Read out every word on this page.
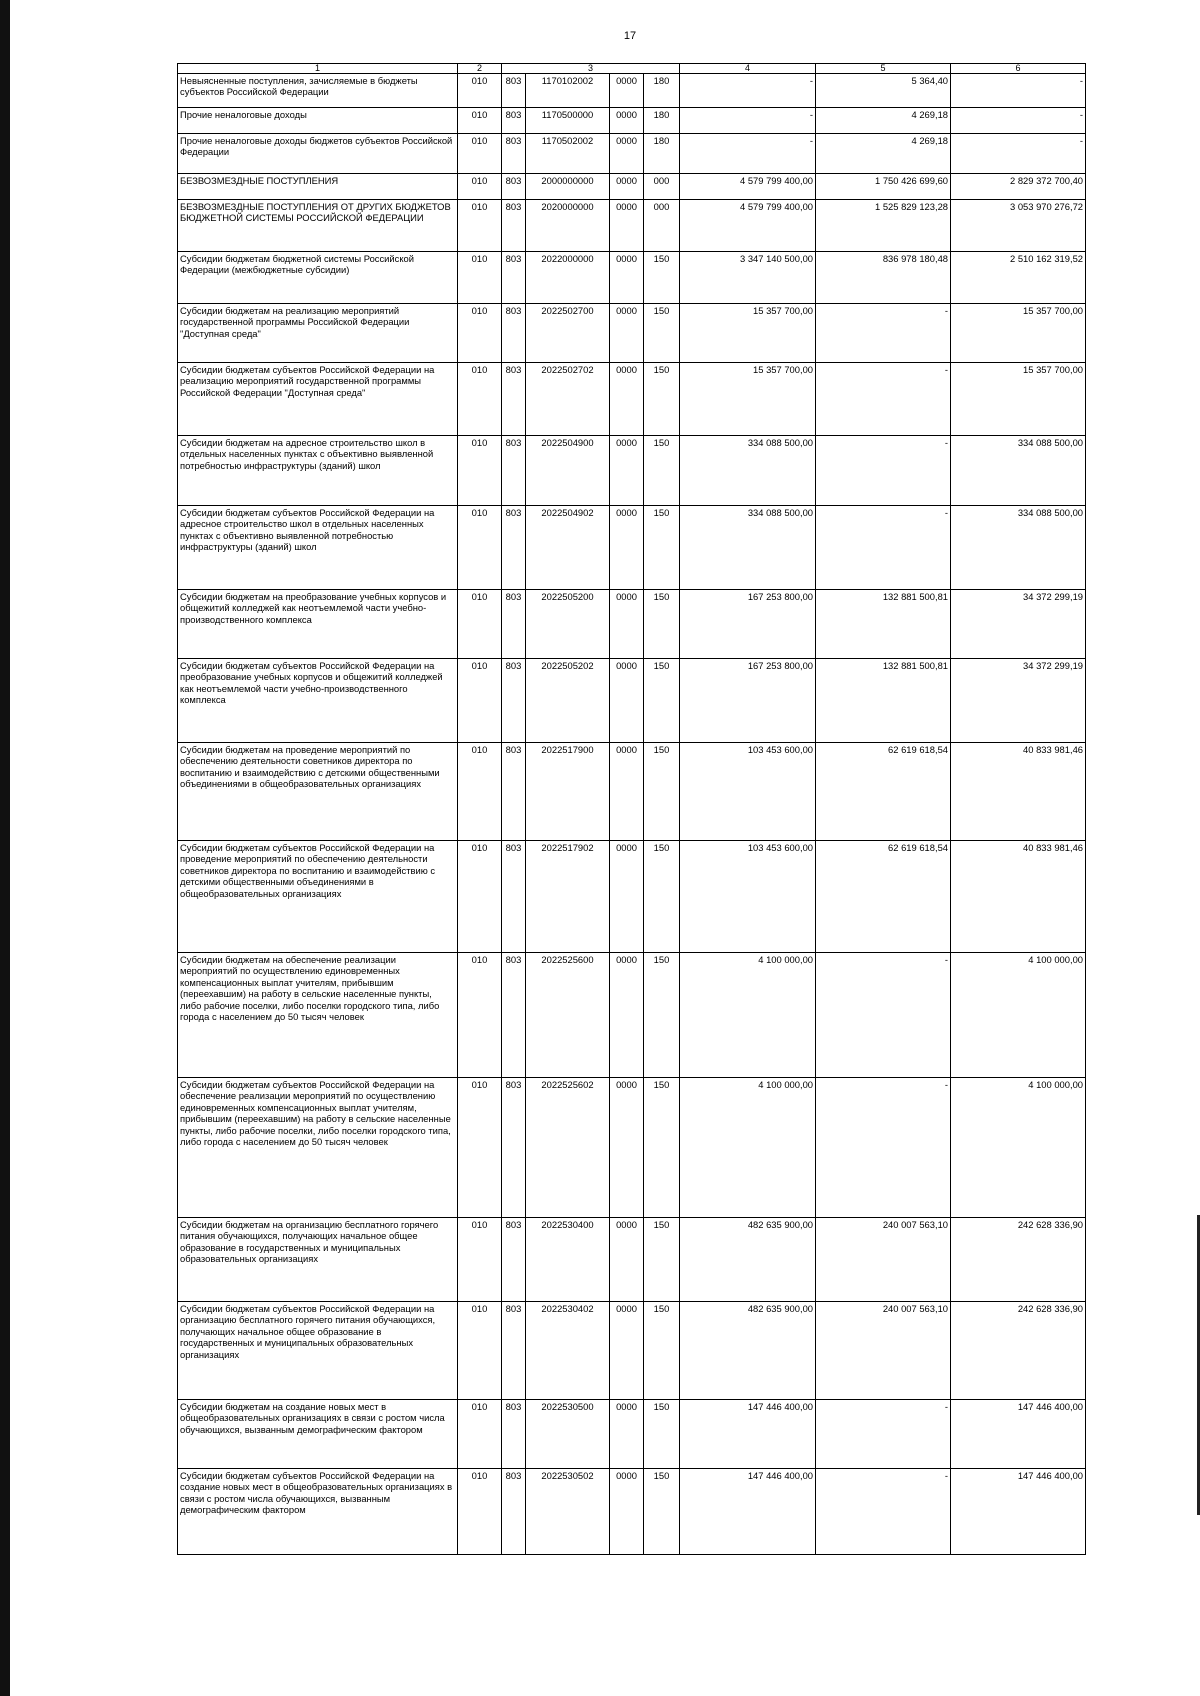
17
1	2	3				4	5	6
Невыясненные поступления, зачисляемые в бюджеты субъектов Российской Федерации	010	803	1170102002	0000	180	-	5 364,40	-
Прочие неналоговые доходы	010	803	1170500000	0000	180	-	4 269,18	-
Прочие неналоговые доходы бюджетов субъектов Российской Федерации	010	803	1170502002	0000	180	-	4 269,18	-
БЕЗВОЗМЕЗДНЫЕ ПОСТУПЛЕНИЯ	010	803	2000000000	0000	000	4 579 799 400,00	1 750 426 699,60	2 829 372 700,40
БЕЗВОЗМЕЗДНЫЕ ПОСТУПЛЕНИЯ ОТ ДРУГИХ БЮДЖЕТОВ БЮДЖЕТНОЙ СИСТЕМЫ РОССИЙСКОЙ ФЕДЕРАЦИИ	010	803	2020000000	0000	000	4 579 799 400,00	1 525 829 123,28	3 053 970 276,72
Субсидии бюджетам бюджетной системы Российской Федерации (межбюджетные субсидии)	010	803	2022000000	0000	150	3 347 140 500,00	836 978 180,48	2 510 162 319,52
Субсидии бюджетам на реализацию мероприятий государственной программы Российской Федерации "Доступная среда"	010	803	2022502700	0000	150	15 357 700,00	-	15 357 700,00
Субсидии бюджетам субъектов Российской Федерации на реализацию мероприятий государственной программы Российской Федерации "Доступная среда"	010	803	2022502702	0000	150	15 357 700,00	-	15 357 700,00
Субсидии бюджетам на адресное строительство школ в отдельных населенных пунктах с объективно выявленной потребностью инфраструктуры (зданий) школ	010	803	2022504900	0000	150	334 088 500,00	-	334 088 500,00
Субсидии бюджетам субъектов Российской Федерации на адресное строительство школ в отдельных населенных пунктах с объективно выявленной потребностью инфраструктуры (зданий) школ	010	803	2022504902	0000	150	334 088 500,00	-	334 088 500,00
Субсидии бюджетам на преобразование учебных корпусов и общежитий колледжей как неотъемлемой части учебно-производственного комплекса	010	803	2022505200	0000	150	167 253 800,00	132 881 500,81	34 372 299,19
Субсидии бюджетам субъектов Российской Федерации на преобразование учебных корпусов и общежитий колледжей как неотъемлемой части учебно-производственного комплекса	010	803	2022505202	0000	150	167 253 800,00	132 881 500,81	34 372 299,19
Субсидии бюджетам на проведение мероприятий по обеспечению деятельности советников директора по воспитанию и взаимодействию с детскими общественными объединениями в общеобразовательных организациях	010	803	2022517900	0000	150	103 453 600,00	62 619 618,54	40 833 981,46
Субсидии бюджетам субъектов Российской Федерации на проведение мероприятий по обеспечению деятельности советников директора по воспитанию и взаимодействию с детскими общественными объединениями в общеобразовательных организациях	010	803	2022517902	0000	150	103 453 600,00	62 619 618,54	40 833 981,46
Субсидии бюджетам на обеспечение реализации мероприятий по осуществлению единовременных компенсационных выплат учителям, прибывшим (переехавшим) на работу в сельские населенные пункты, либо рабочие поселки, либо поселки городского типа, либо города с населением до 50 тысяч человек	010	803	2022525600	0000	150	4 100 000,00	-	4 100 000,00
Субсидии бюджетам субъектов Российской Федерации на обеспечение реализации мероприятий по осуществлению единовременных компенсационных выплат учителям, прибывшим (переехавшим) на работу в сельские населенные пункты, либо рабочие поселки, либо поселки городского типа, либо города с населением до 50 тысяч человек	010	803	2022525602	0000	150	4 100 000,00	-	4 100 000,00
Субсидии бюджетам на организацию бесплатного горячего питания обучающихся, получающих начальное общее образование в государственных и муниципальных образовательных организациях	010	803	2022530400	0000	150	482 635 900,00	240 007 563,10	242 628 336,90
Субсидии бюджетам субъектов Российской Федерации на организацию бесплатного горячего питания обучающихся, получающих начальное общее образование в государственных и муниципальных образовательных организациях	010	803	2022530402	0000	150	482 635 900,00	240 007 563,10	242 628 336,90
Субсидии бюджетам на создание новых мест в общеобразовательных организациях в связи с ростом числа обучающихся, вызванным демографическим фактором	010	803	2022530500	0000	150	147 446 400,00	-	147 446 400,00
Субсидии бюджетам субъектов Российской Федерации на создание новых мест в общеобразовательных организациях в связи с ростом числа обучающихся, вызванным демографическим фактором	010	803	2022530502	0000	150	147 446 400,00	-	147 446 400,00
